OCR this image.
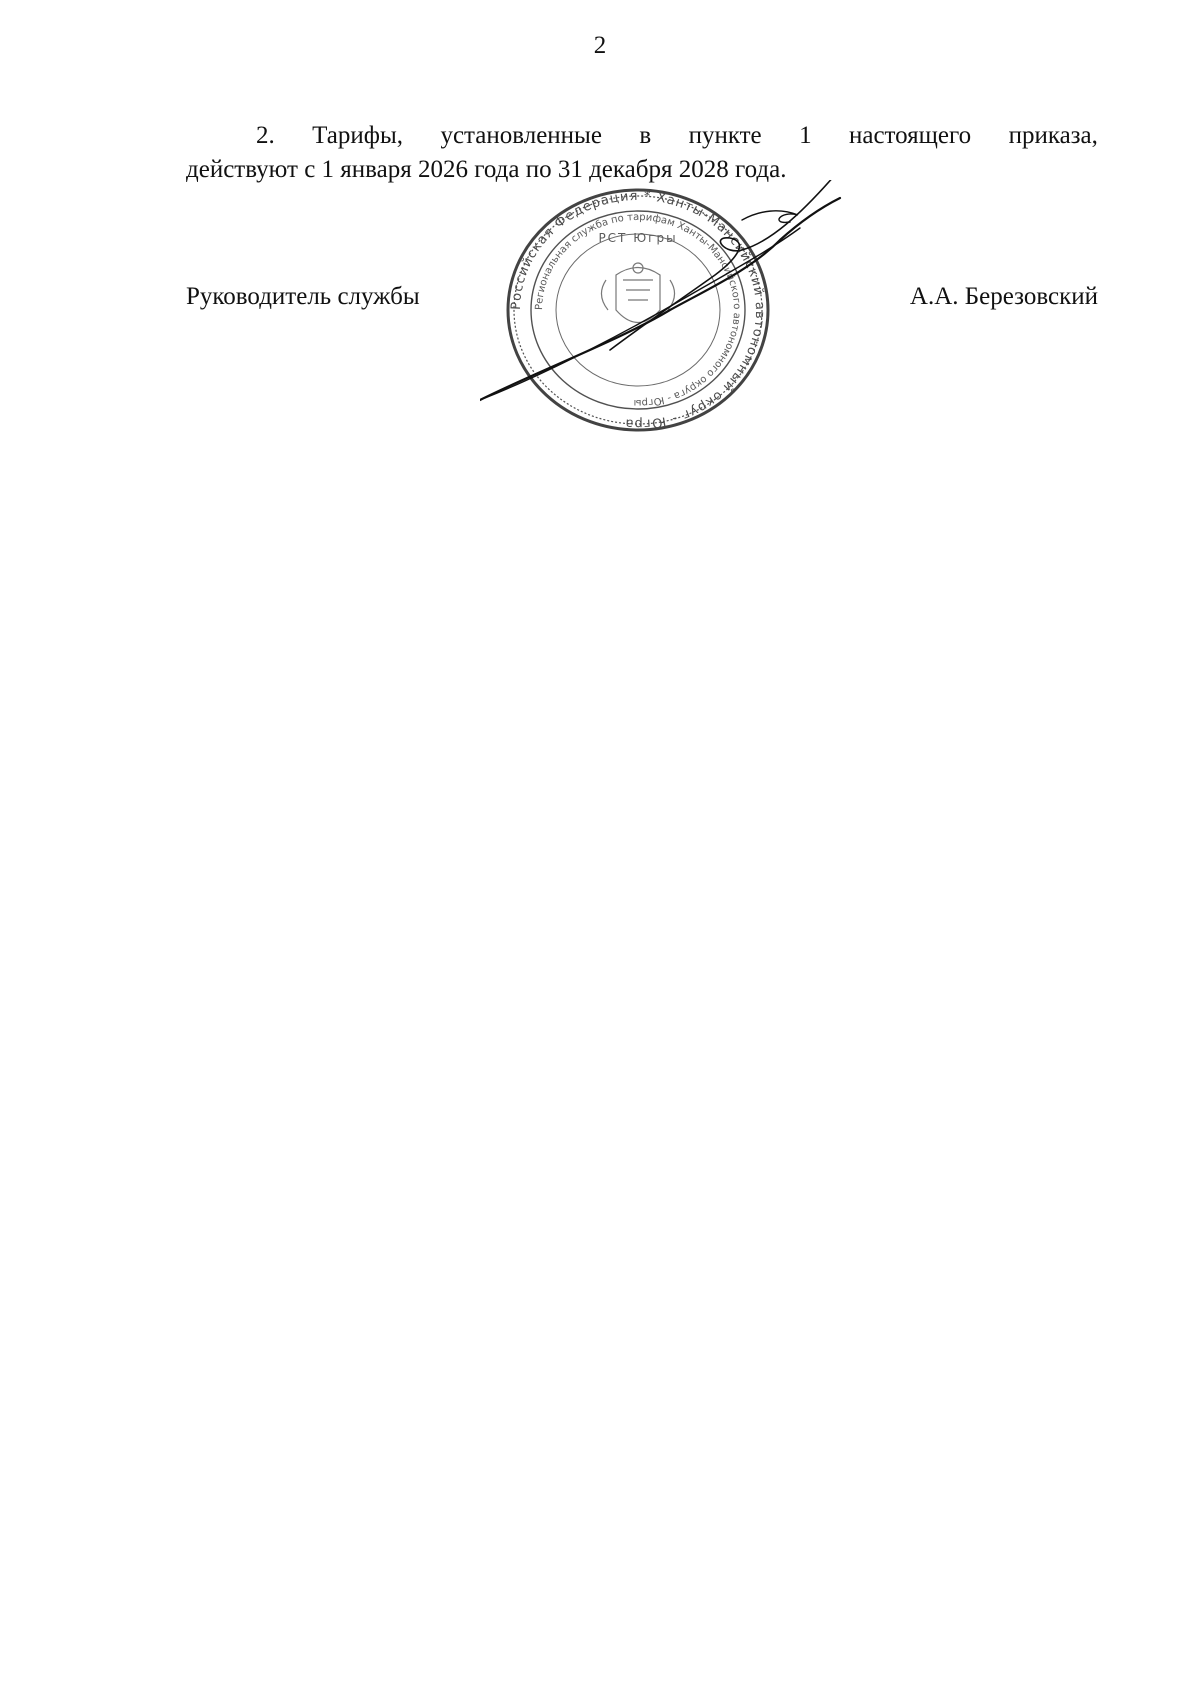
2
2. Тарифы, установленные в пункте 1 настоящего приказа,
действуют с 1 января 2026 года по 31 декабря 2028 года.
Руководитель службы	А.А. Березовский
Российская Федерация * Ханты-Мансийский автономный округ - Югра
Региональная служба по тарифам Ханты-Мансийского автономного округа - Югры
РСТ Югры
